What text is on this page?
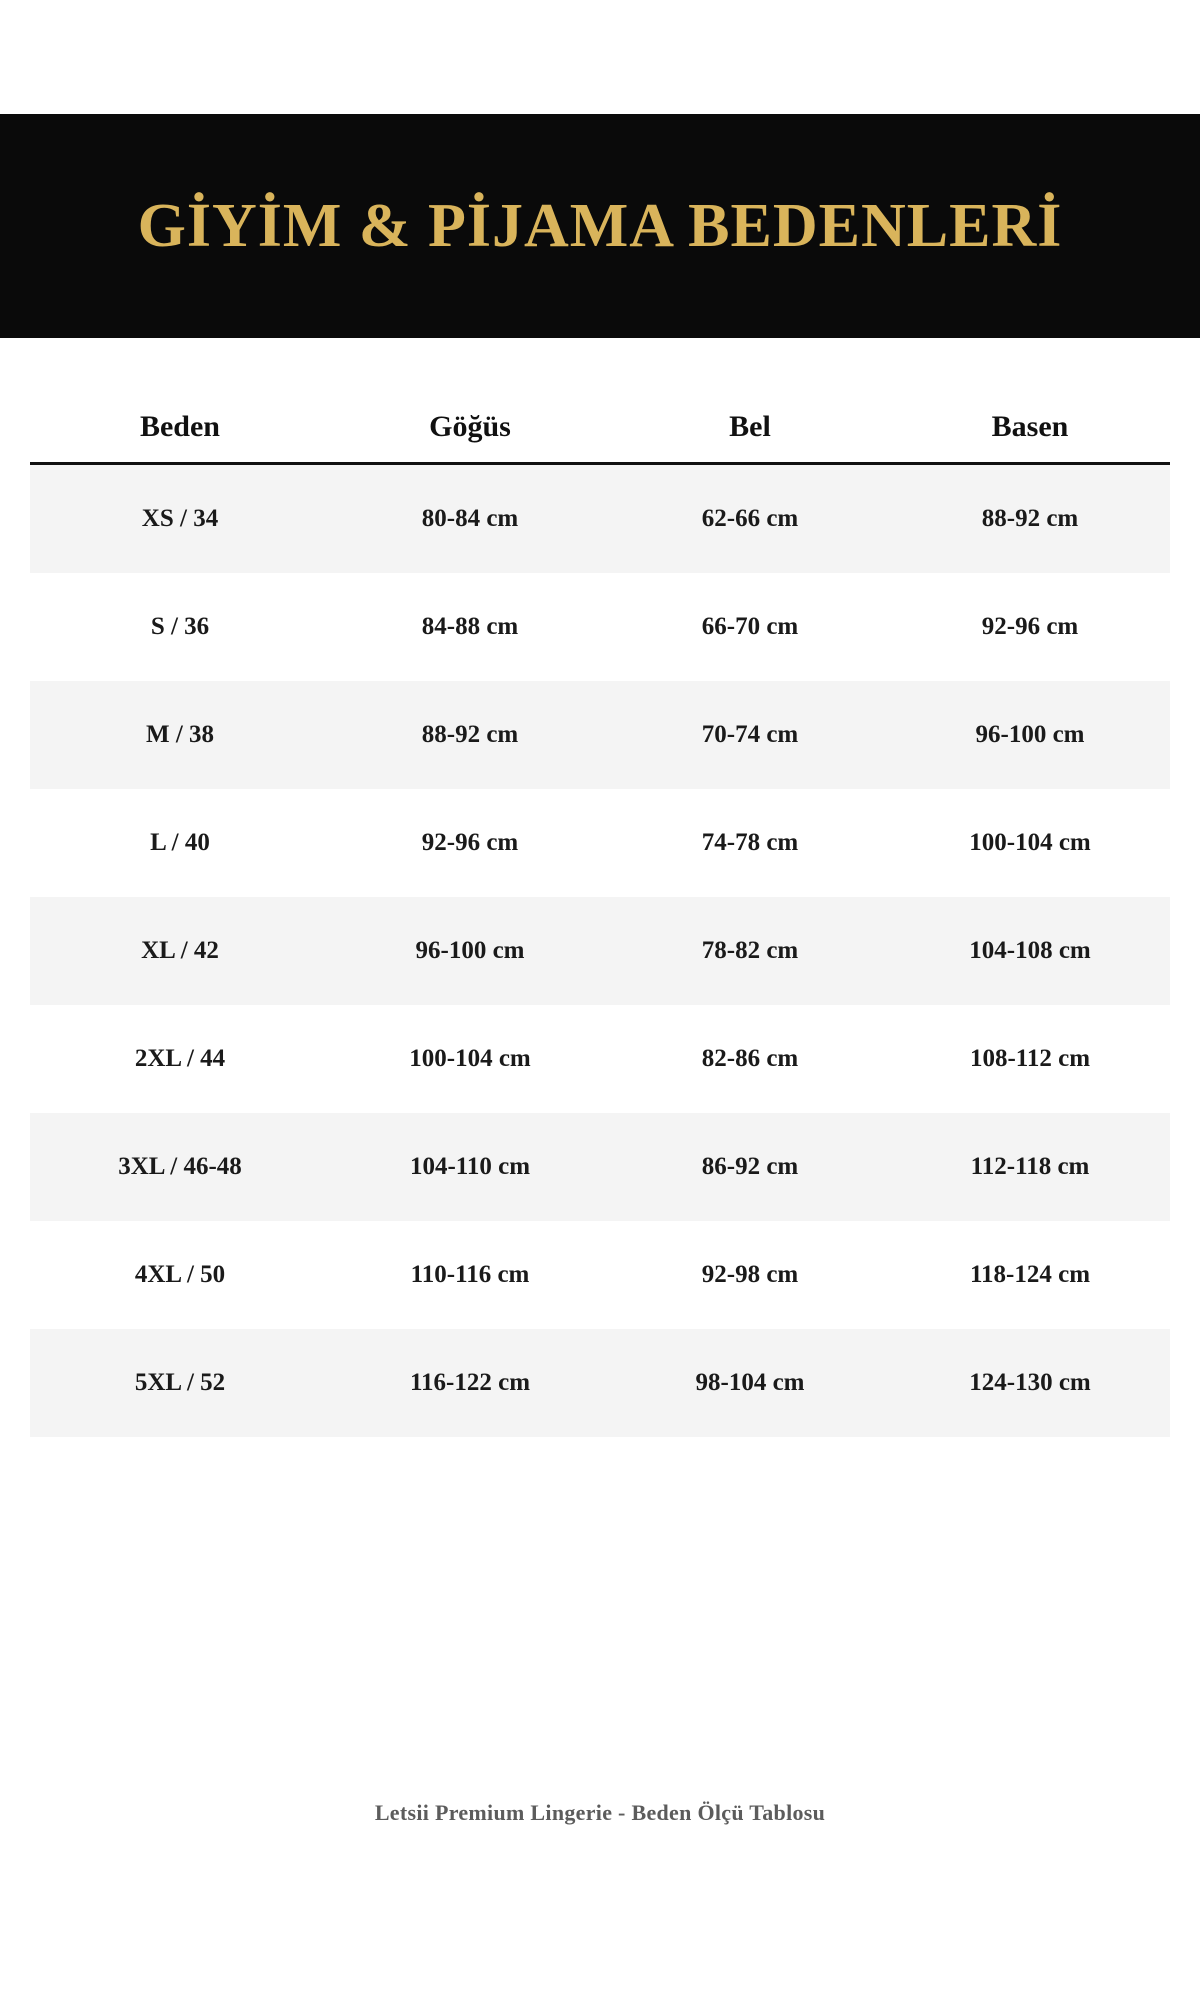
GİYİM & PİJAMA BEDENLERİ
Beden	Göğüs	Bel	Basen
XS / 34	80-84 cm	62-66 cm	88-92 cm
S / 36	84-88 cm	66-70 cm	92-96 cm
M / 38	88-92 cm	70-74 cm	96-100 cm
L / 40	92-96 cm	74-78 cm	100-104 cm
XL / 42	96-100 cm	78-82 cm	104-108 cm
2XL / 44	100-104 cm	82-86 cm	108-112 cm
3XL / 46-48	104-110 cm	86-92 cm	112-118 cm
4XL / 50	110-116 cm	92-98 cm	118-124 cm
5XL / 52	116-122 cm	98-104 cm	124-130 cm
Letsii Premium Lingerie - Beden Ölçü Tablosu
